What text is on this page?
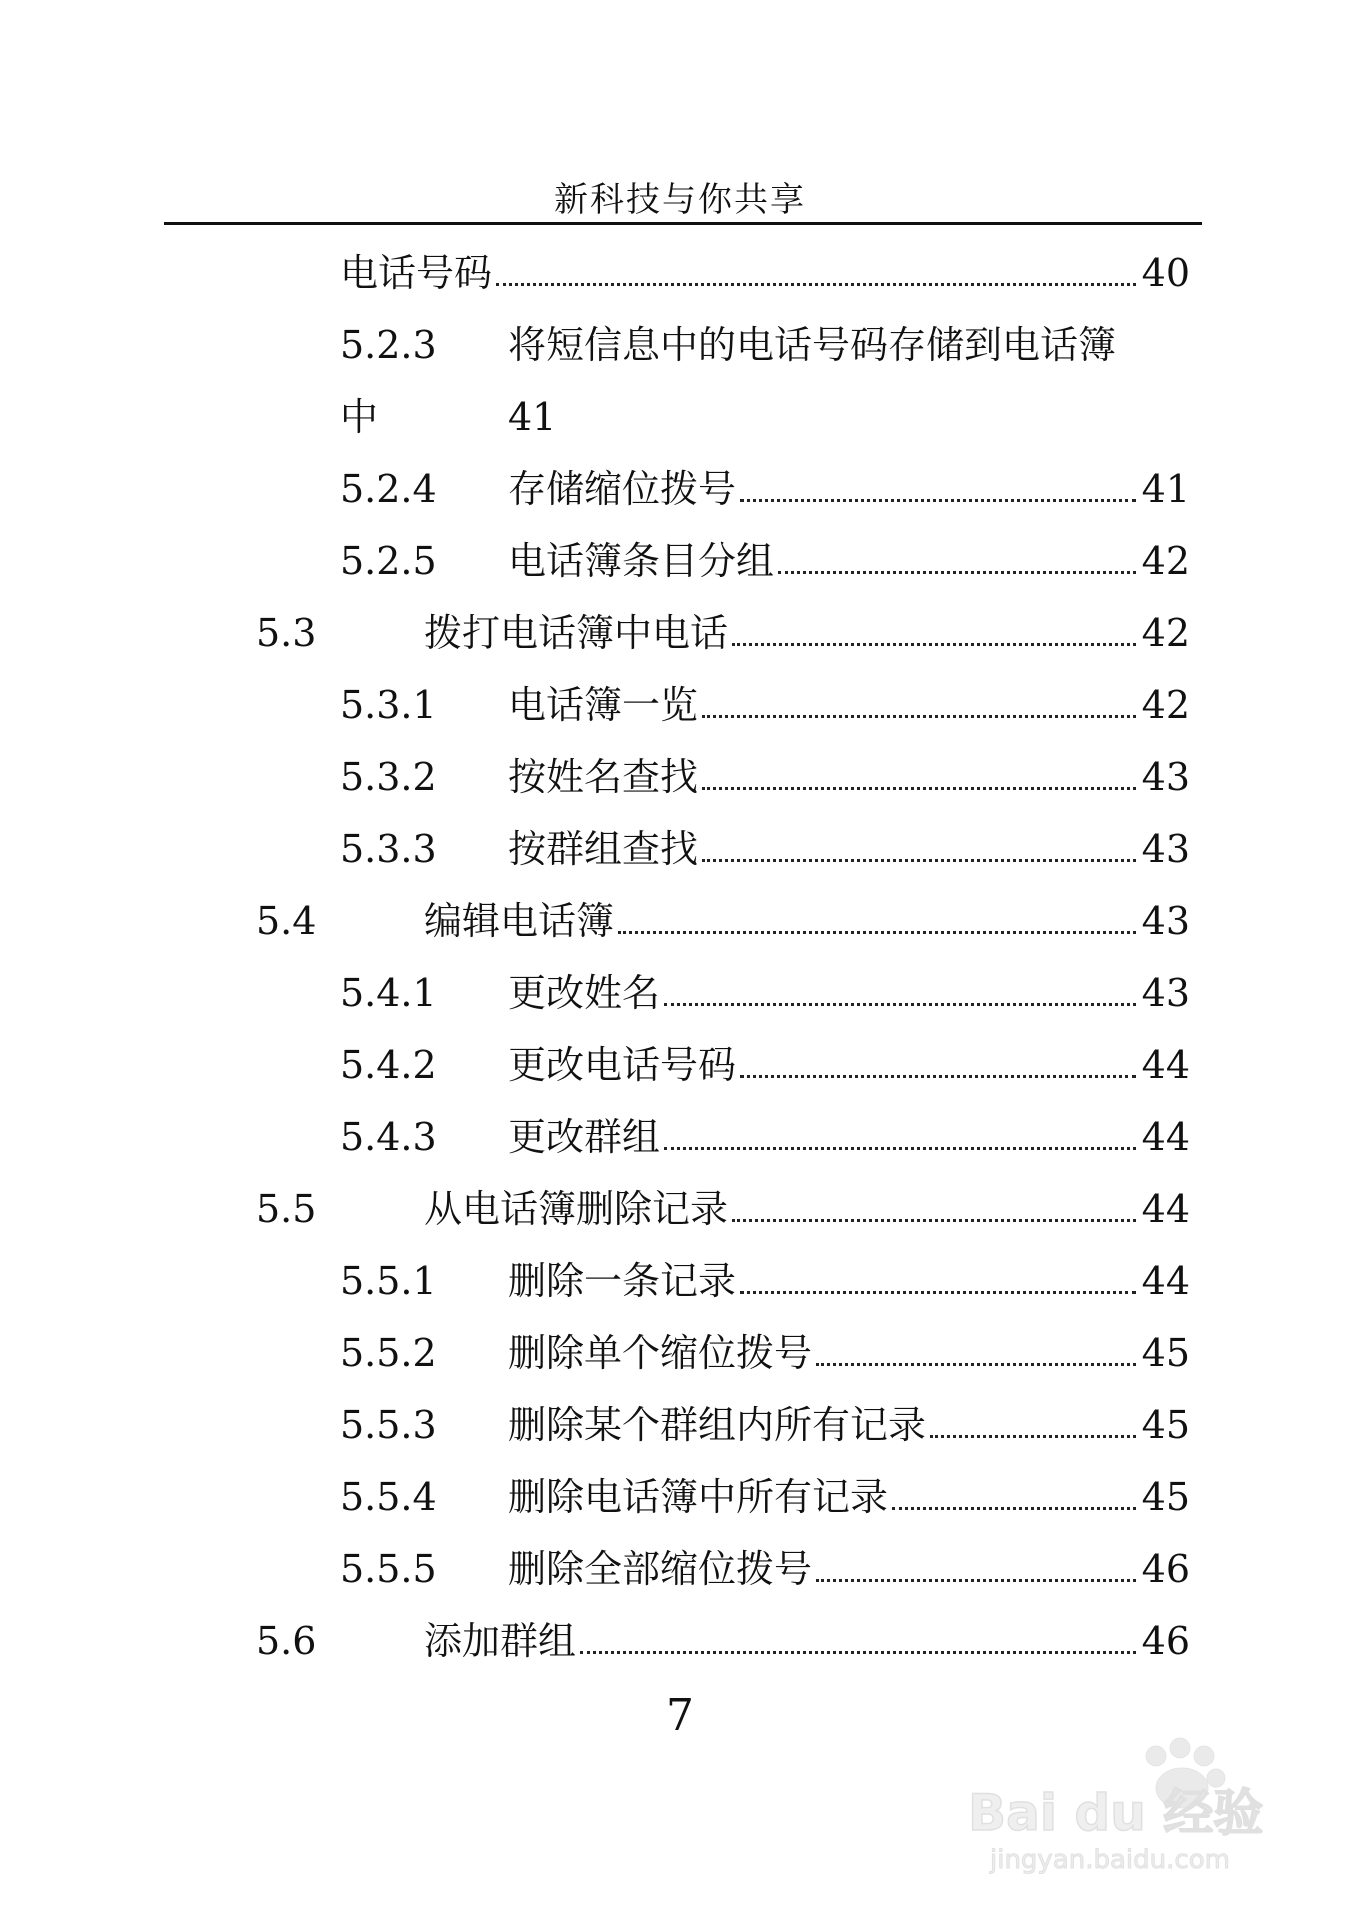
新科技与你共享
电话号码	40
5.2.3 将短信息中的电话号码存储到电话簿
中	41
5.2.4 存储缩位拨号	41
5.2.5 电话簿条目分组	42
5.3	拨打电话簿中电话	42
5.3.1 电话簿一览	42
5.3.2 按姓名查找	43
5.3.3 按群组查找	43
5.4	编辑电话簿	43
5.4.1 更改姓名	43
5.4.2 更改电话号码	44
5.4.3 更改群组	44
5.5	从电话簿删除记录	44
5.5.1 删除一条记录	44
5.5.2 删除单个缩位拨号	45
5.5.3 删除某个群组内所有记录	45
5.5.4 删除电话簿中所有记录	45
5.5.5 删除全部缩位拨号	46
5.6	添加群组	46
7
Bai du 经验
jingyan.baidu.com
